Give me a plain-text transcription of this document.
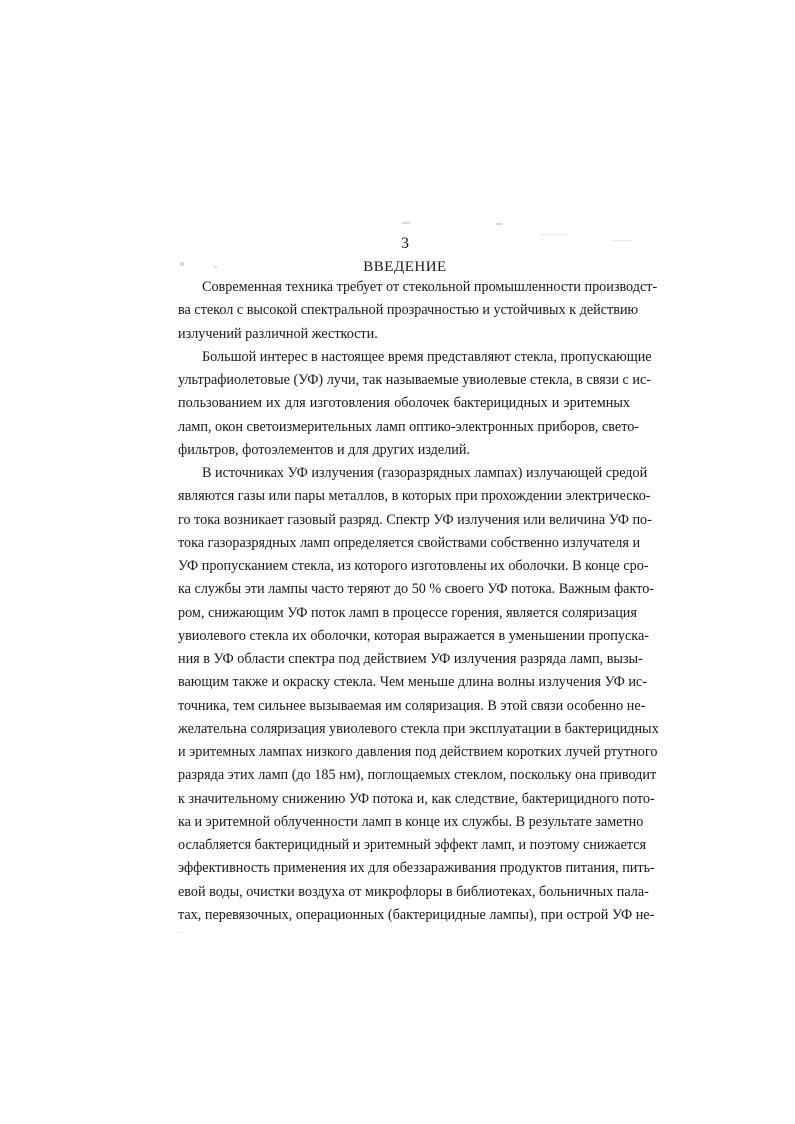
3
ВВЕДЕНИЕ
Современная техника требует от стекольной промышленности производст-
ва стекол с высокой спектральной прозрачностью и устойчивых к действию
излучений различной жесткости.
Большой интерес в настоящее время представляют стекла, пропускающие
ультрафиолетовые (УФ) лучи, так называемые увиолевые стекла, в связи с ис-
пользованием их для изготовления оболочек бактерицидных и эритемных
ламп, окон светоизмерительных ламп оптико-электронных приборов, свето-
фильтров, фотоэлементов и для других изделий.
В источниках УФ излучения (газоразрядных лампах) излучающей средой
являются газы или пары металлов, в которых при прохождении электрическо-
го тока возникает газовый разряд. Спектр УФ излучения или величина УФ по-
тока газоразрядных ламп определяется свойствами собственно излучателя и
УФ пропусканием стекла, из которого изготовлены их оболочки. В конце сро-
ка службы эти лампы часто теряют до 50 % своего УФ потока. Важным факто-
ром, снижающим УФ поток ламп в процессе горения, является соляризация
увиолевого стекла их оболочки, которая выражается в уменьшении пропуска-
ния в УФ области спектра под действием УФ излучения разряда ламп, вызы-
вающим также и окраску стекла. Чем меньше длина волны излучения УФ ис-
точника, тем сильнее вызываемая им соляризация. В этой связи особенно не-
желательна соляризация увиолевого стекла при эксплуатации в бактерицидных
и эритемных лампах низкого давления под действием коротких лучей ртутного
разряда этих ламп (до 185 нм), поглощаемых стеклом, поскольку она приводит
к значительному снижению УФ потока и, как следствие, бактерицидного пото-
ка и эритемной облученности ламп в конце их службы. В результате заметно
ослабляется бактерицидный и эритемный эффект ламп, и поэтому снижается
эффективность применения их для обеззараживания продуктов питания, пить-
евой воды, очистки воздуха от микрофлоры в библиотеках, больничных пала-
тах, перевязочных, операционных (бактерицидные лампы), при острой УФ не-
